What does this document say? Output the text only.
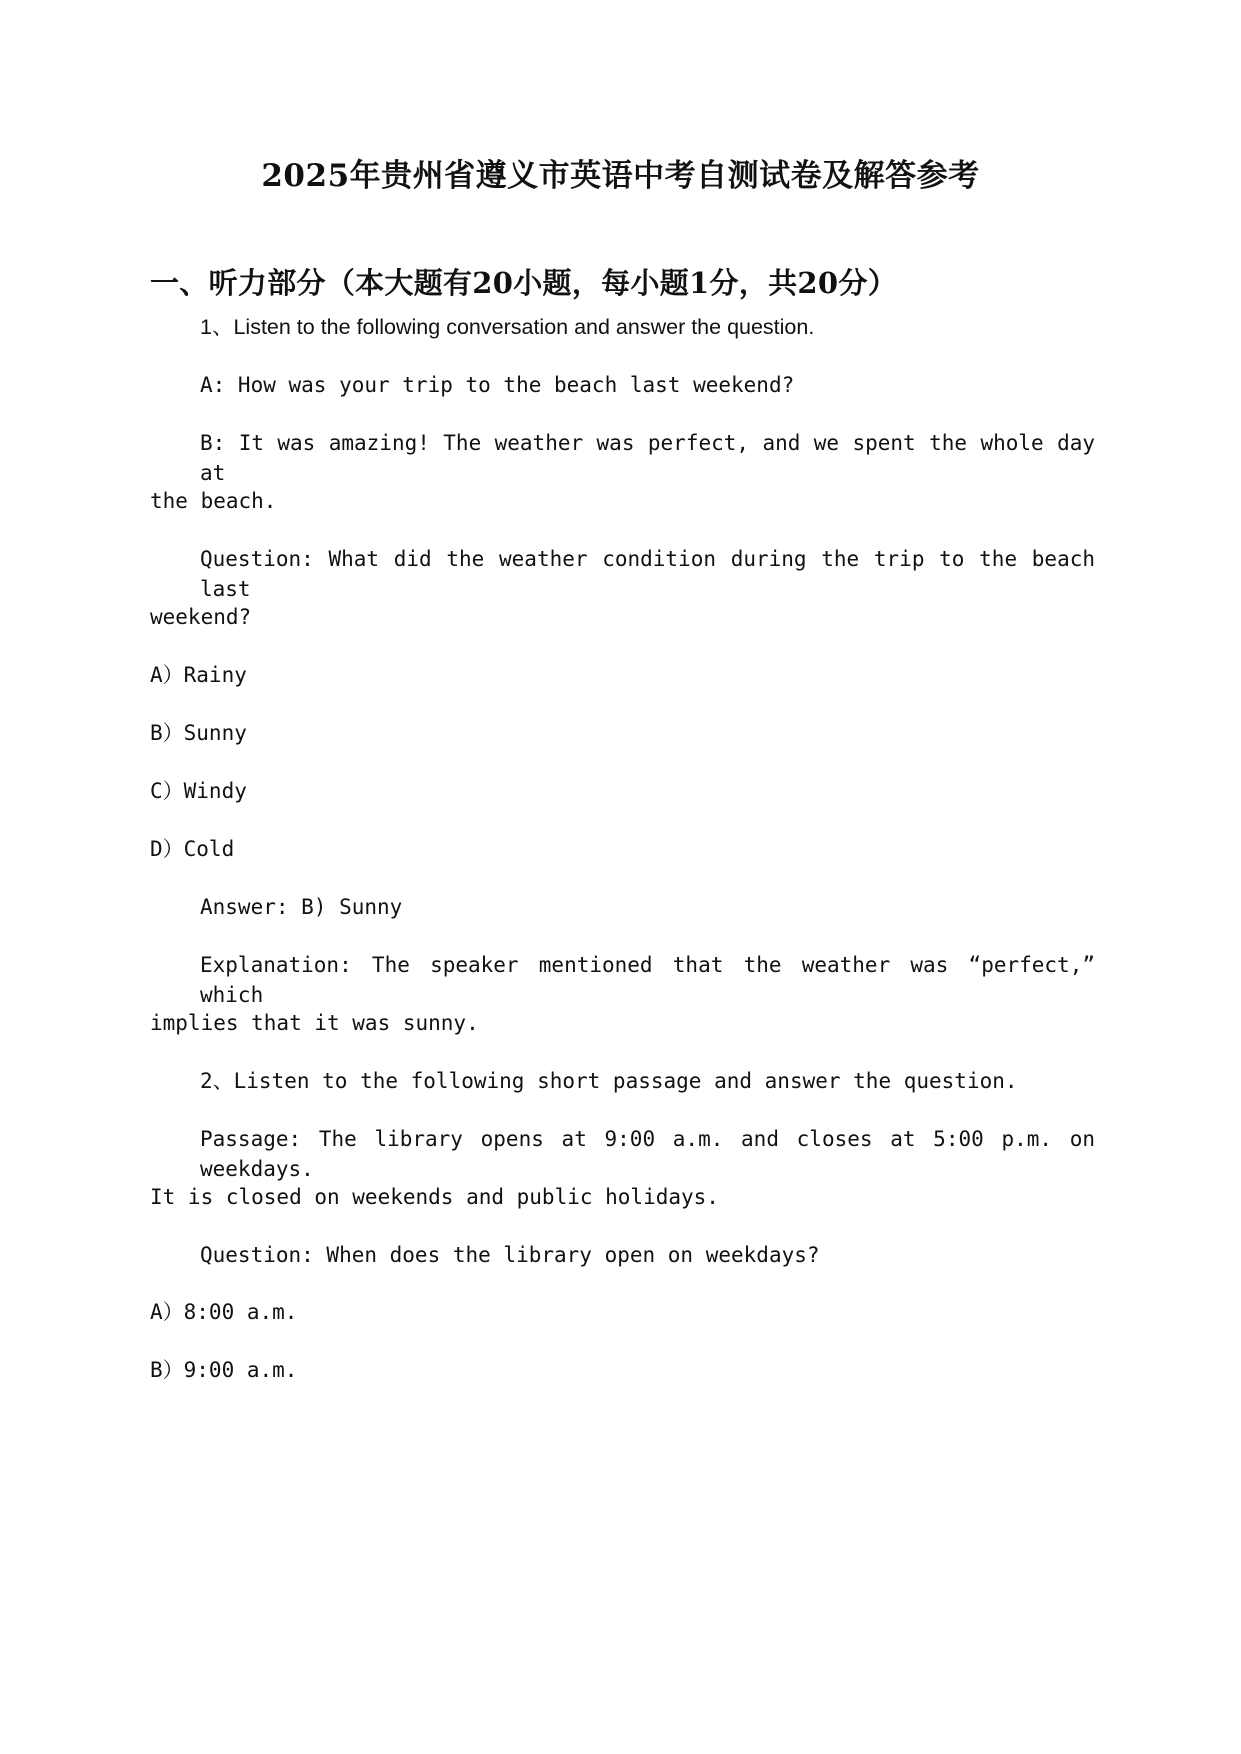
2025年贵州省遵义市英语中考自测试卷及解答参考
一、听力部分（本大题有20小题，每小题1分，共20分）
1、Listen to the following conversation and answer the question.
A: How was your trip to the beach last weekend?
B: It was amazing! The weather was perfect, and we spent the whole day at
the beach.
Question: What did the weather condition during the trip to the beach last
weekend?
A）Rainy
B）Sunny
C）Windy
D）Cold
Answer: B) Sunny
Explanation: The speaker mentioned that the weather was “perfect,” which
implies that it was sunny.
2、Listen to the following short passage and answer the question.
Passage: The library opens at 9:00 a.m. and closes at 5:00 p.m. on weekdays.
It is closed on weekends and public holidays.
Question: When does the library open on weekdays?
A）8:00 a.m.
B）9:00 a.m.
